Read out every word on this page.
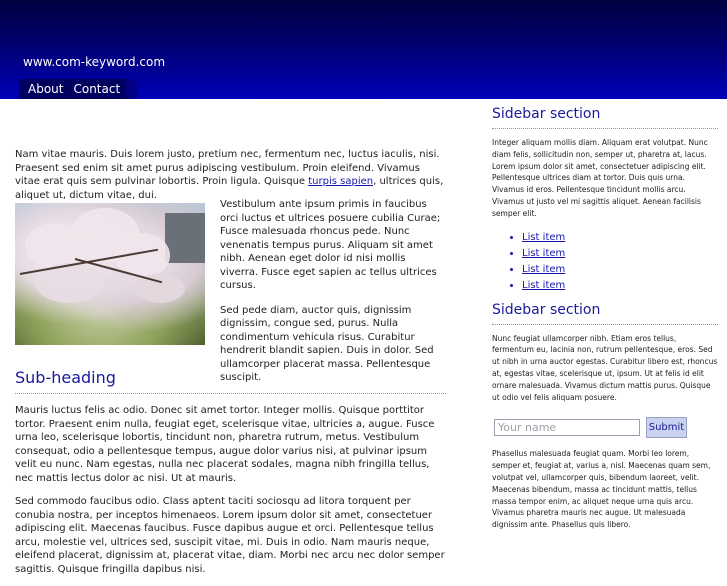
www.com-keyword.com
About Contact

Nam vitae mauris. Duis lorem justo, pretium nec, fermentum nec, luctus iaculis, nisi. Praesent sed enim sit amet purus adipiscing vestibulum. Proin eleifend. Vivamus vitae erat quis sem pulvinar lobortis. Proin ligula. Quisque turpis sapien, ultrices quis, aliquet ut, dictum vitae, dui.

Vestibulum ante ipsum primis in faucibus orci luctus et ultrices posuere cubilia Curae; Fusce malesuada rhoncus pede. Nunc venenatis tempus purus. Aliquam sit amet nibh. Aenean eget dolor id nisi mollis viverra. Fusce eget sapien ac tellus ultrices cursus.

Sed pede diam, auctor quis, dignissim dignissim, congue sed, purus. Nulla condimentum vehicula risus. Curabitur hendrerit blandit sapien. Duis in dolor. Sed ullamcorper placerat massa. Pellentesque suscipit.

Sub-heading

Mauris luctus felis ac odio. Donec sit amet tortor. Integer mollis. Quisque porttitor tortor. Praesent enim nulla, feugiat eget, scelerisque vitae, ultricies a, augue. Fusce urna leo, scelerisque lobortis, tincidunt non, pharetra rutrum, metus. Vestibulum consequat, odio a pellentesque tempus, augue dolor varius nisi, at pulvinar ipsum velit eu nunc. Nam egestas, nulla nec placerat sodales, magna nibh fringilla tellus, nec mattis lectus dolor ac nisi. Ut at mauris.

Sed commodo faucibus odio. Class aptent taciti sociosqu ad litora torquent per conubia nostra, per inceptos himenaeos. Lorem ipsum dolor sit amet, consectetuer adipiscing elit. Maecenas faucibus. Fusce dapibus augue et orci. Pellentesque tellus arcu, molestie vel, ultrices sed, suscipit vitae, mi. Duis in odio. Nam mauris neque, eleifend placerat, dignissim at, placerat vitae, diam. Morbi nec arcu nec dolor semper sagittis. Quisque fringilla dapibus nisi.

Sidebar section

Integer aliquam mollis diam. Aliquam erat volutpat. Nunc diam felis, sollicitudin non, semper ut, pharetra at, lacus. Lorem ipsum dolor sit amet, consectetuer adipiscing elit. Pellentesque ultrices diam at tortor. Duis quis urna. Vivamus id eros. Pellentesque tincidunt mollis arcu. Vivamus ut justo vel mi sagittis aliquet. Aenean facilisis semper elit.

• List item
• List item
• List item
• List item
Sidebar section

Nunc feugiat ullamcorper nibh. Etiam eros tellus, fermentum eu, lacinia non, rutrum pellentesque, eros. Sed ut nibh in urna auctor egestas. Curabitur libero est, rhoncus at, egestas vitae, scelerisque ut, ipsum. Ut at felis id elit ornare malesuada. Vivamus dictum mattis purus. Quisque ut odio vel felis aliquam posuere.

Your name
Submit

Phasellus malesuada feugiat quam. Morbi leo lorem, semper et, feugiat at, varius a, nisl. Maecenas quam sem, volutpat vel, ullamcorper quis, bibendum laoreet, velit. Maecenas bibendum, massa ac tincidunt mattis, tellus massa tempor enim, ac aliquet neque urna quis arcu. Vivamus pharetra mauris nec augue. Ut malesuada dignissim ante. Phasellus quis libero.
